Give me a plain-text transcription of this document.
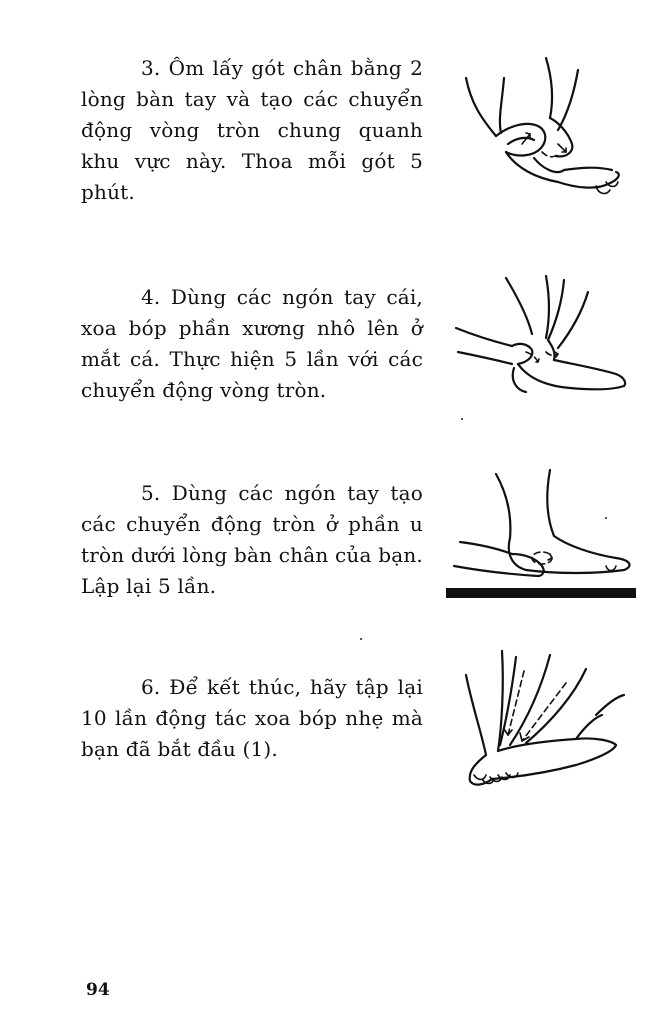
3. Ôm lấy gót chân bằng 2 lòng bàn tay và tạo các chuyển động vòng tròn chung quanh khu vực này. Thoa mỗi gót 5 phút.
4. Dùng các ngón tay cái, xoa bóp phần xương nhô lên ở mắt cá. Thực hiện 5 lần với các chuyển động vòng tròn.
5. Dùng các ngón tay tạo các chuyển động tròn ở phần u tròn dưới lòng bàn chân của bạn. Lập lại 5 lần.
6. Để kết thúc, hãy tập lại 10 lần động tác xoa bóp nhẹ mà bạn đã bắt đầu (1).
94
